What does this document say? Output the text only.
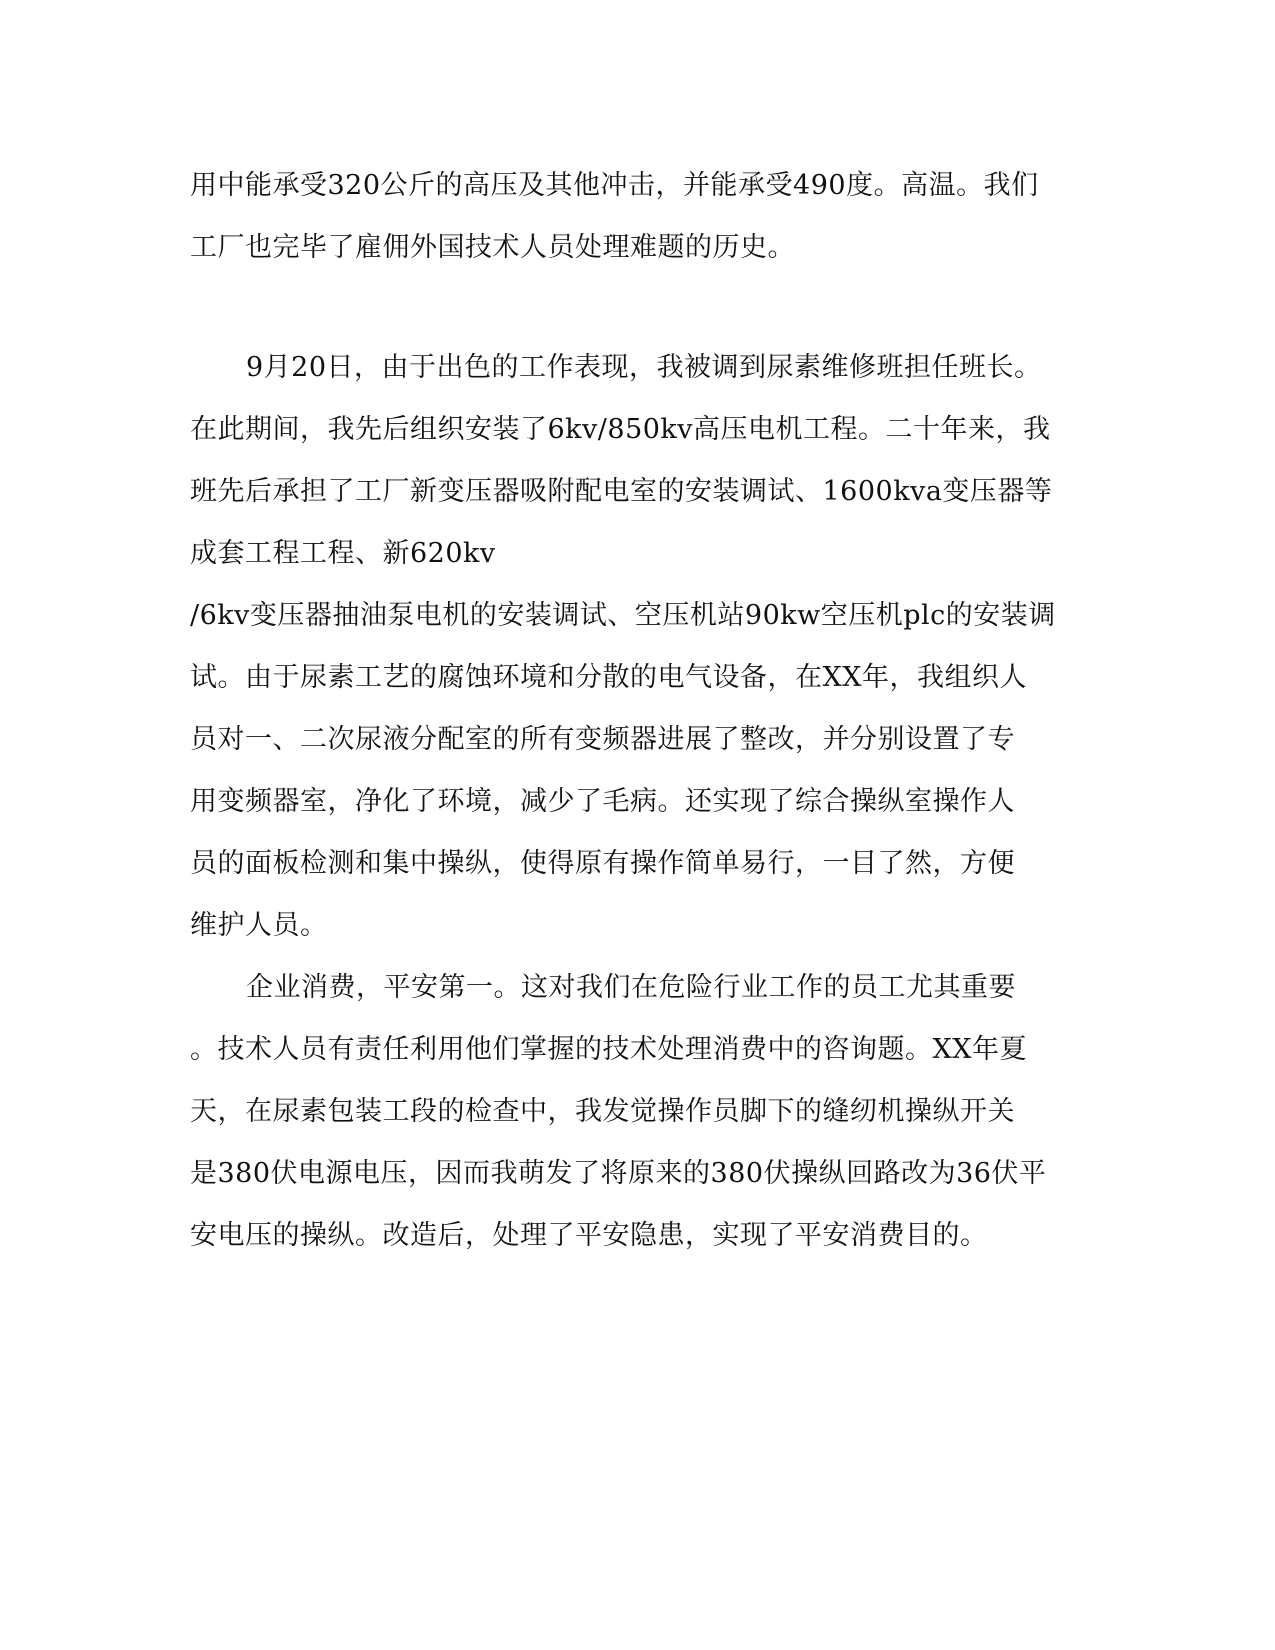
用中能承受320公斤的高压及其他冲击，并能承受490度。高温。我们
工厂也完毕了雇佣外国技术人员处理难题的历史。
9月20日，由于出色的工作表现，我被调到尿素维修班担任班长。
在此期间，我先后组织安装了6kv/850kv高压电机工程。二十年来，我
班先后承担了工厂新变压器吸附配电室的安装调试、1600kva变压器等
成套工程工程、新620kv
/6kv变压器抽油泵电机的安装调试、空压机站90kw空压机plc的安装调
试。由于尿素工艺的腐蚀环境和分散的电气设备，在XX年，我组织人
员对一、二次尿液分配室的所有变频器进展了整改，并分别设置了专
用变频器室，净化了环境，减少了毛病。还实现了综合操纵室操作人
员的面板检测和集中操纵，使得原有操作简单易行，一目了然，方便
维护人员。
企业消费，平安第一。这对我们在危险行业工作的员工尤其重要
。技术人员有责任利用他们掌握的技术处理消费中的咨询题。XX年夏
天，在尿素包装工段的检查中，我发觉操作员脚下的缝纫机操纵开关
是380伏电源电压，因而我萌发了将原来的380伏操纵回路改为36伏平
安电压的操纵。改造后，处理了平安隐患，实现了平安消费目的。
